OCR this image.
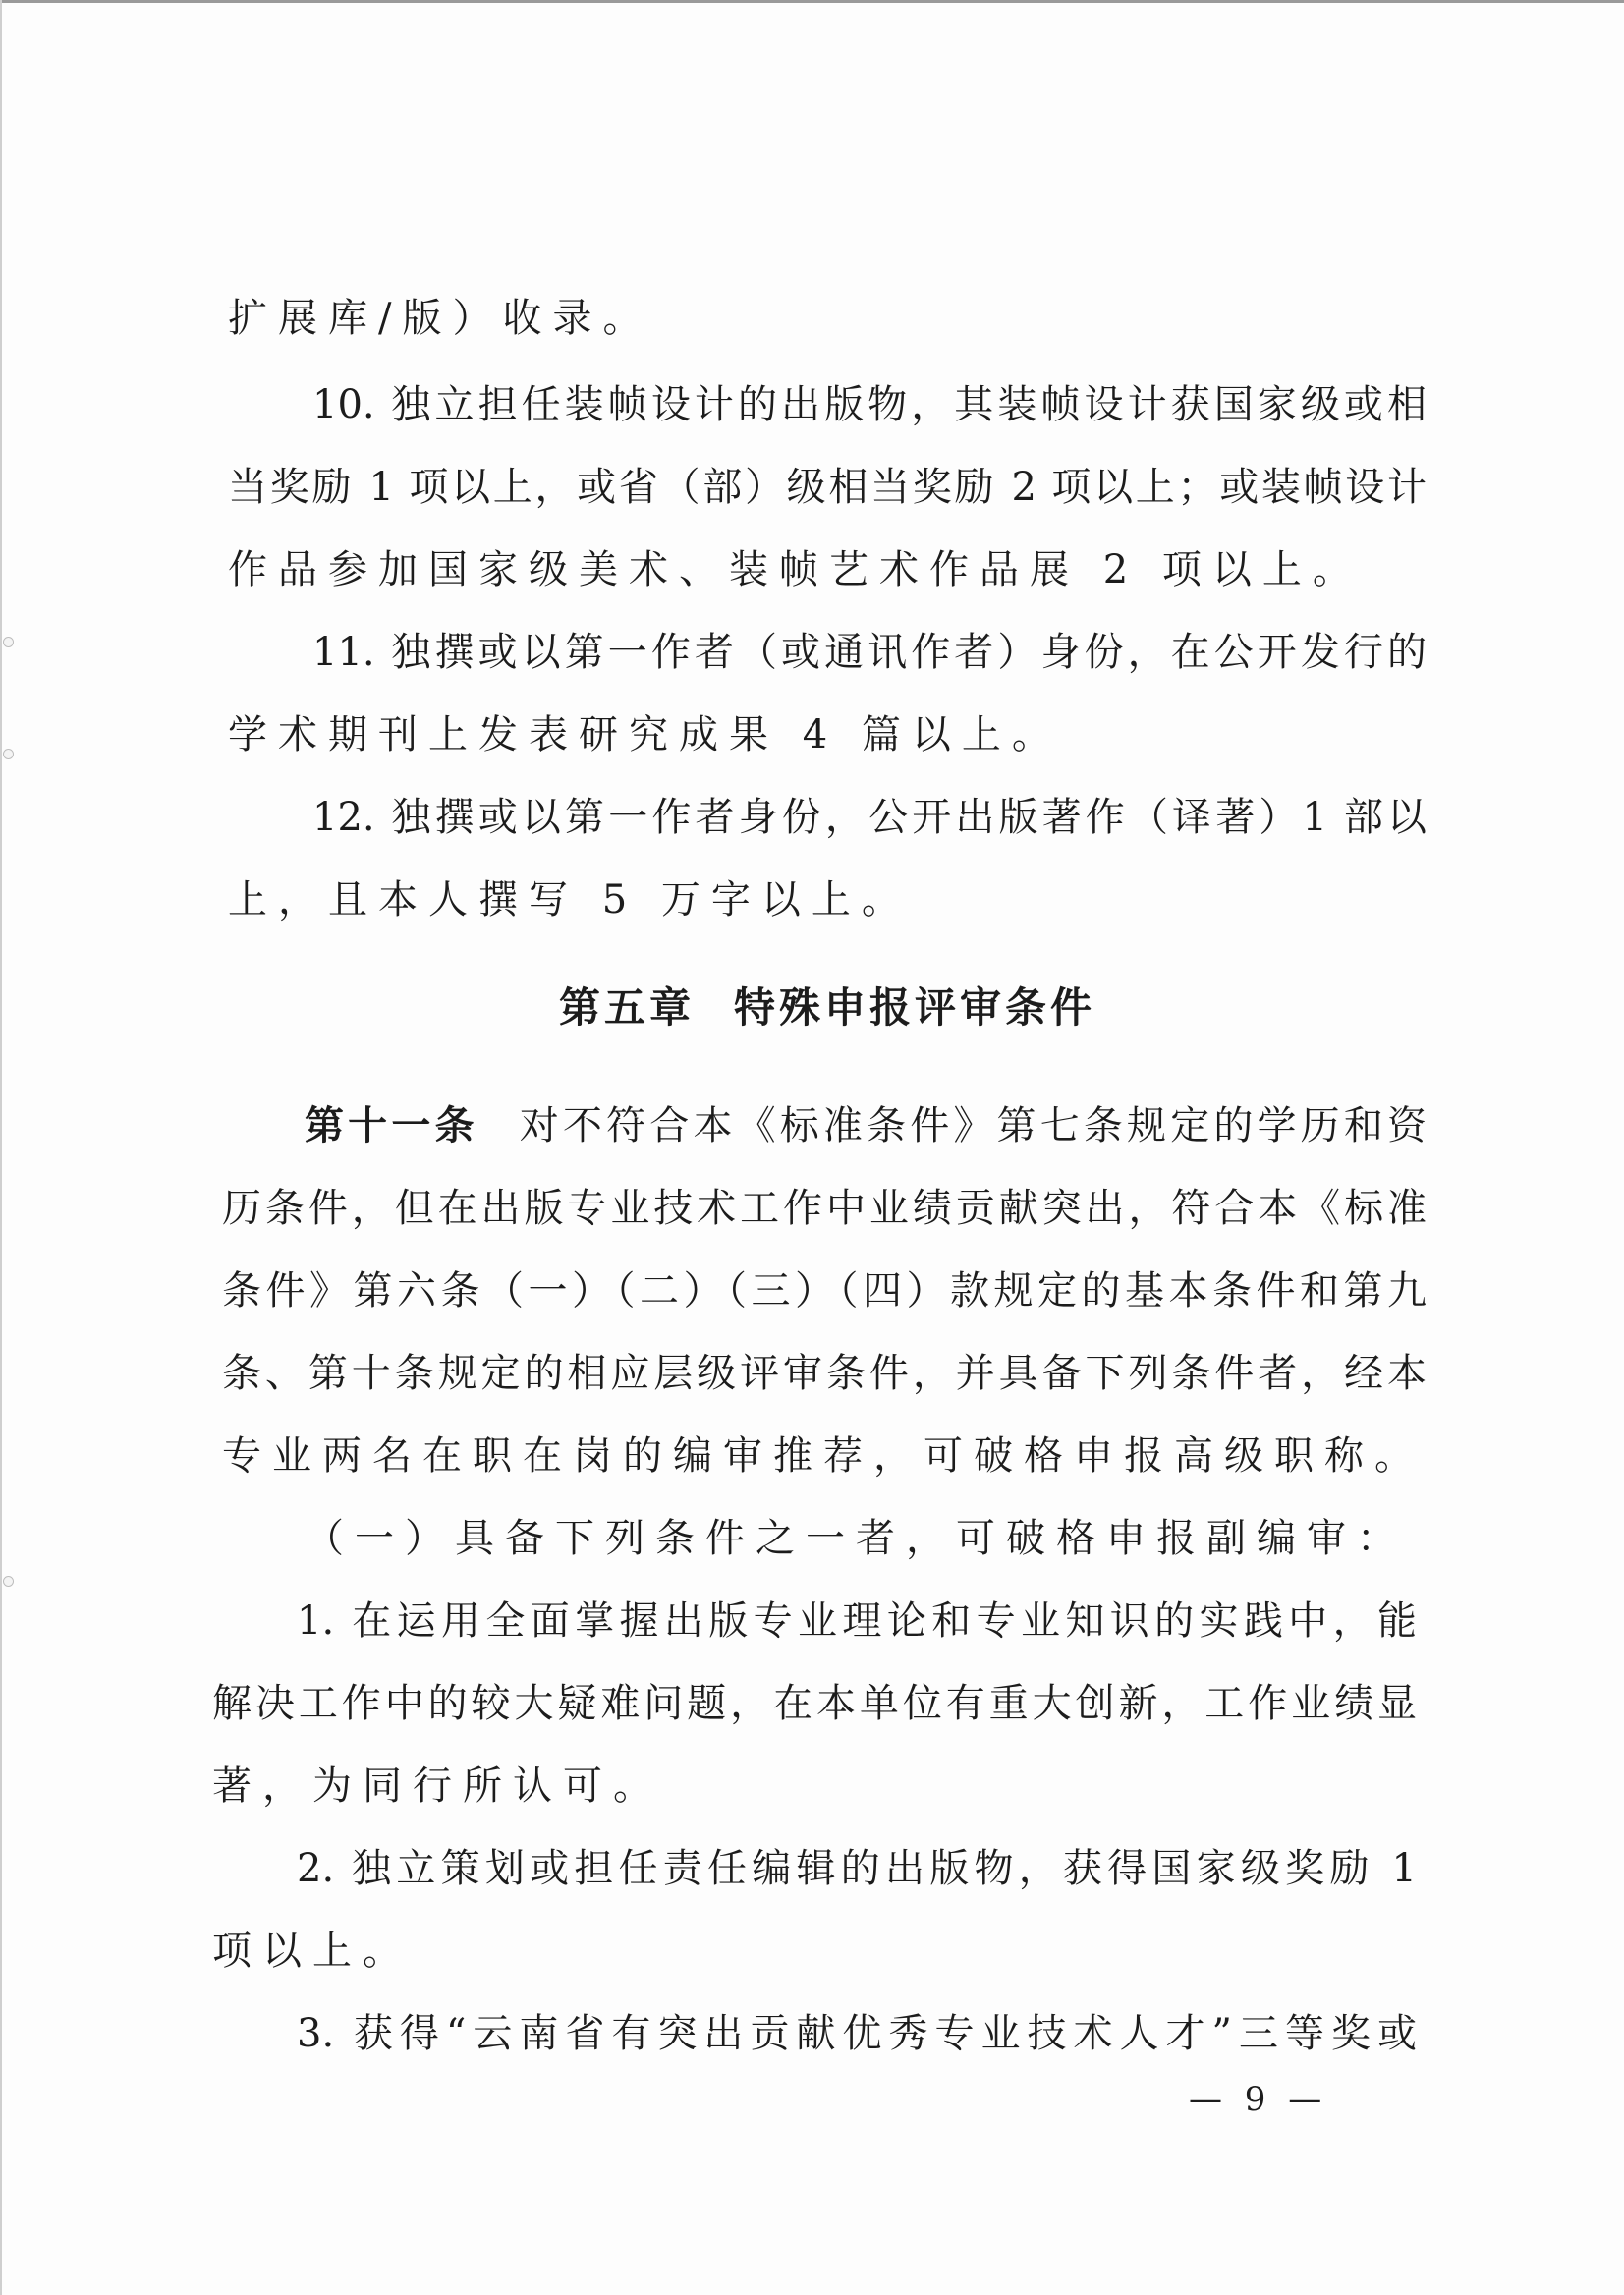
扩展库/版）收录。

10. 独立担任装帧设计的出版物，其装帧设计获国家级或相

当奖励 1 项以上，或省（部）级相当奖励 2 项以上；或装帧设计

作品参加国家级美术、装帧艺术作品展 2 项以上。

11. 独撰或以第一作者（或通讯作者）身份，在公开发行的

学术期刊上发表研究成果 4 篇以上。

12. 独撰或以第一作者身份，公开出版著作（译著）1 部以

上，且本人撰写 5 万字以上。

第五章 特殊申报评审条件

第十一条 对不符合本《标准条件》第七条规定的学历和资

历条件，但在出版专业技术工作中业绩贡献突出，符合本《标准

条件》第六条（一）（二）（三）（四）款规定的基本条件和第九

条、第十条规定的相应层级评审条件，并具备下列条件者，经本

专业两名在职在岗的编审推荐，可破格申报高级职称。

（一）具备下列条件之一者，可破格申报副编审：

1. 在运用全面掌握出版专业理论和专业知识的实践中，能

解决工作中的较大疑难问题，在本单位有重大创新，工作业绩显

著，为同行所认可。

2. 独立策划或担任责任编辑的出版物，获得国家级奖励 1

项以上。

3. 获得“云南省有突出贡献优秀专业技术人才”三等奖或

— 9 —
